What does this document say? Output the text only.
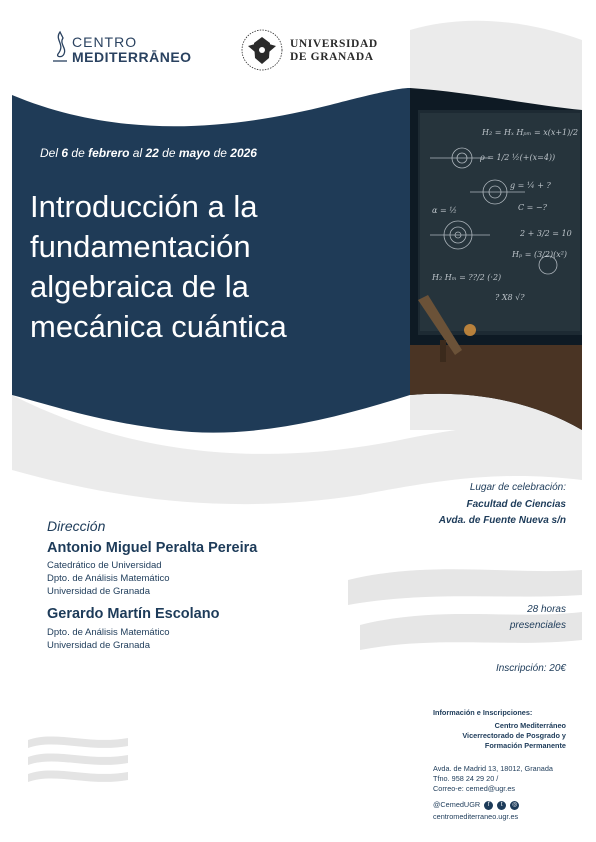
H₂ = Hₓ Hₚₘ = x(x+1)/2
ρ = 1/2 ½(+(x=4))
g = ¼ + ?
C = −?
α = ½
2 + 3/2 = 10
Hₚ = (3/2)(x²)
H₂ Hₘ = ??/2 (·2)
? X8 √?
CENTRO
MEDITERRĀNEO
UNIVERSIDAD
DE GRANADA
Del 6 de febrero al 22 de mayo de 2026
Introducción a la
fundamentación
algebraica de la
mecánica cuántica
Lugar de celebración:
Facultad de Ciencias
Avda. de Fuente Nueva s/n
28 horas
presenciales
Inscripción: 20€
Dirección
Antonio Miguel Peralta Pereira
Catedrático de Universidad
Dpto. de Análisis Matemático
Universidad de Granada
Gerardo Martín Escolano
Dpto. de Análisis Matemático
Universidad de Granada
Información e Inscripciones:
Centro Mediterráneo
Vicerrectorado de Posgrado y
Formación Permanente
Avda. de Madrid 13, 18012, Granada
Tfno. 958 24 29 20 /
Correo-e: cemed@ugr.es
@CemedUGR f t ◎
centromediterraneo.ugr.es
